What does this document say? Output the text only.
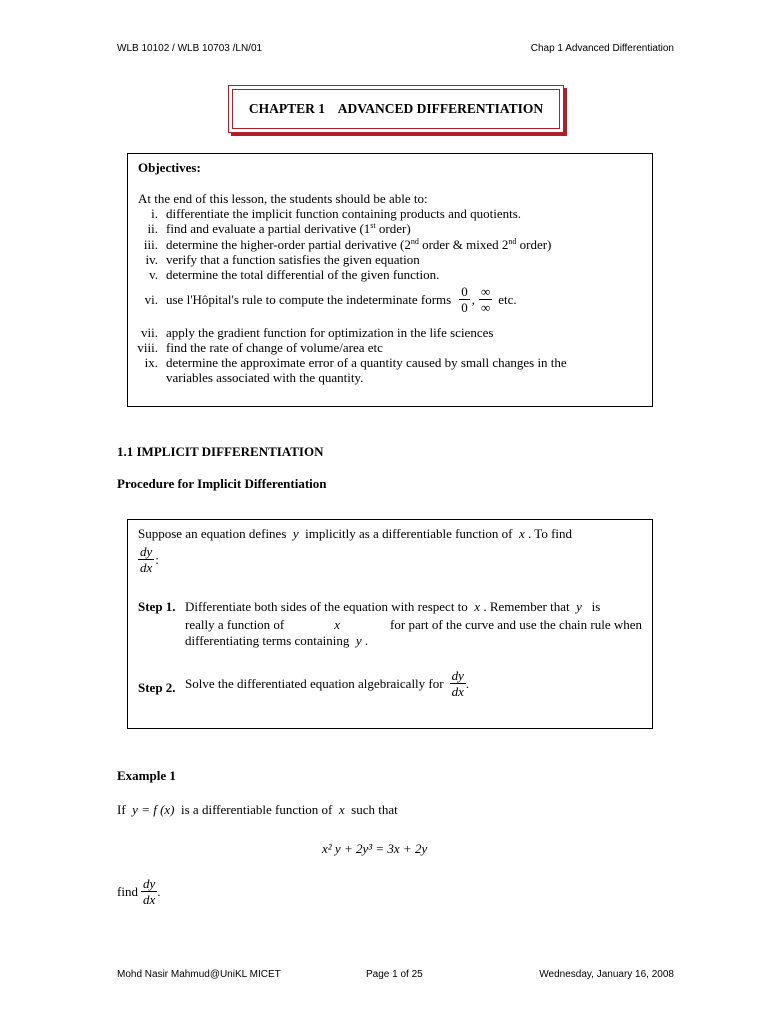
WLB 10102 / WLB 10703 /LN/01	Chap 1 Advanced Differentiation
CHAPTER 1    ADVANCED DIFFERENTIATION
Objectives:
At the end of this lesson, the students should be able to:
i. differentiate the implicit function containing products and quotients.
ii. find and evaluate a partial derivative (1st order)
iii. determine the higher-order partial derivative (2nd order & mixed 2nd order)
iv. verify that a function satisfies the given equation
v. determine the total differential of the given function.
vi. use l'Hôpital's rule to compute the indeterminate forms $\frac{0}{0}$ , $\frac{\infty}{\infty}$ etc.
vii. apply the gradient function for optimization in the life sciences
viii. find the rate of change of volume/area etc
ix. determine the approximate error of a quantity caused by small changes in the
variables associated with the quantity.
1.1 IMPLICIT DIFFERENTIATION
Procedure for Implicit Differentiation
Suppose an equation defines y implicitly as a differentiable function of x . To find
$\frac{dy}{dx}$ :
Step 1. Differentiate both sides of the equation with respect to x . Remember that y is
really a function of	x	for part of the curve and use the chain rule when
differentiating terms containing y .
Step 2. Solve the differentiated equation algebraically for $\frac{dy}{dx}$ .
Example 1
If y = f (x) is a differentiable function of x such that
x² y + 2y³ = 3x + 2y
find $\frac{dy}{dx}$ .
Mohd Nasir Mahmud@UniKL MICET	Page 1 of 25	Wednesday, January 16, 2008
